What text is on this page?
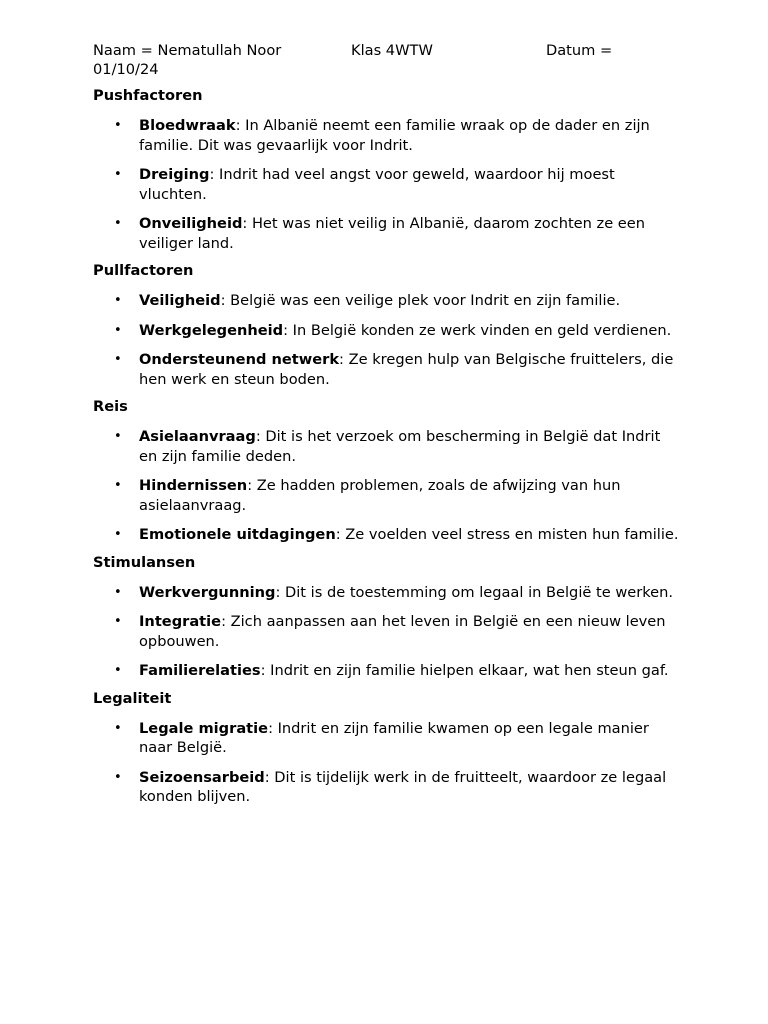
Naam = Nematullah Noor	Klas 4WTW	Datum =
01/10/24

Pushfactoren

• Bloedwraak: In Albanië neemt een familie wraak op de dader en zijn familie. Dit was gevaarlijk voor Indrit.
• Dreiging: Indrit had veel angst voor geweld, waardoor hij moest vluchten.
• Onveiligheid: Het was niet veilig in Albanië, daarom zochten ze een veiliger land.

Pullfactoren

• Veiligheid: België was een veilige plek voor Indrit en zijn familie.
• Werkgelegenheid: In België konden ze werk vinden en geld verdienen.
• Ondersteunend netwerk: Ze kregen hulp van Belgische fruittelers, die hen werk en steun boden.

Reis

• Asielaanvraag: Dit is het verzoek om bescherming in België dat Indrit en zijn familie deden.
• Hindernissen: Ze hadden problemen, zoals de afwijzing van hun asielaanvraag.
• Emotionele uitdagingen: Ze voelden veel stress en misten hun familie.

Stimulansen

• Werkvergunning: Dit is de toestemming om legaal in België te werken.
• Integratie: Zich aanpassen aan het leven in België en een nieuw leven opbouwen.
• Familierelaties: Indrit en zijn familie hielpen elkaar, wat hen steun gaf.

Legaliteit

• Legale migratie: Indrit en zijn familie kwamen op een legale manier naar België.
• Seizoensarbeid: Dit is tijdelijk werk in de fruitteelt, waardoor ze legaal konden blijven.
